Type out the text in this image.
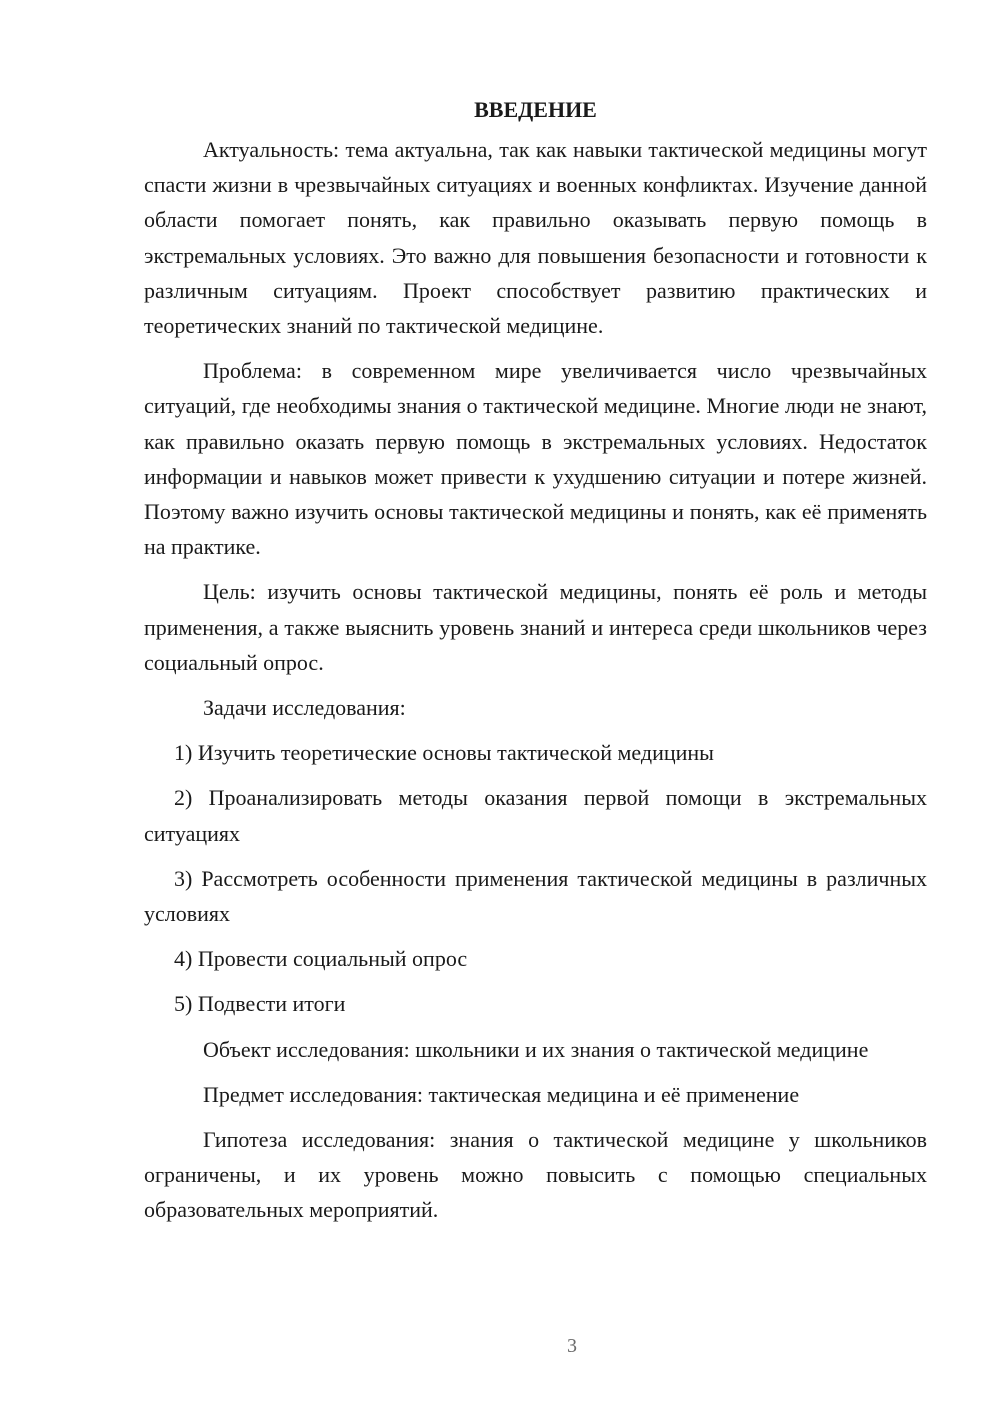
ВВЕДЕНИЕ

Актуальность: тема актуальна, так как навыки тактической медицины могут спасти жизни в чрезвычайных ситуациях и военных конфликтах. Изучение данной области помогает понять, как правильно оказывать первую помощь в экстремальных условиях. Это важно для повышения безопасности и готовности к различным ситуациям. Проект способствует развитию практических и теоретических знаний по тактической медицине.

Проблема: в современном мире увеличивается число чрезвычайных ситуаций, где необходимы знания о тактической медицине. Многие люди не знают, как правильно оказать первую помощь в экстремальных условиях. Недостаток информации и навыков может привести к ухудшению ситуации и потере жизней. Поэтому важно изучить основы тактической медицины и понять, как её применять на практике.

Цель: изучить основы тактической медицины, понять её роль и методы применения, а также выяснить уровень знаний и интереса среди школьников через социальный опрос.

Задачи исследования:

1) Изучить теоретические основы тактической медицины

2) Проанализировать методы оказания первой помощи в экстремальных ситуациях

3) Рассмотреть особенности применения тактической медицины в различных условиях

4) Провести социальный опрос

5) Подвести итоги

Объект исследования: школьники и их знания о тактической медицине

Предмет исследования: тактическая медицина и её применение

Гипотеза исследования: знания о тактической медицине у школьников ограничены, и их уровень можно повысить с помощью специальных образовательных мероприятий.

3
